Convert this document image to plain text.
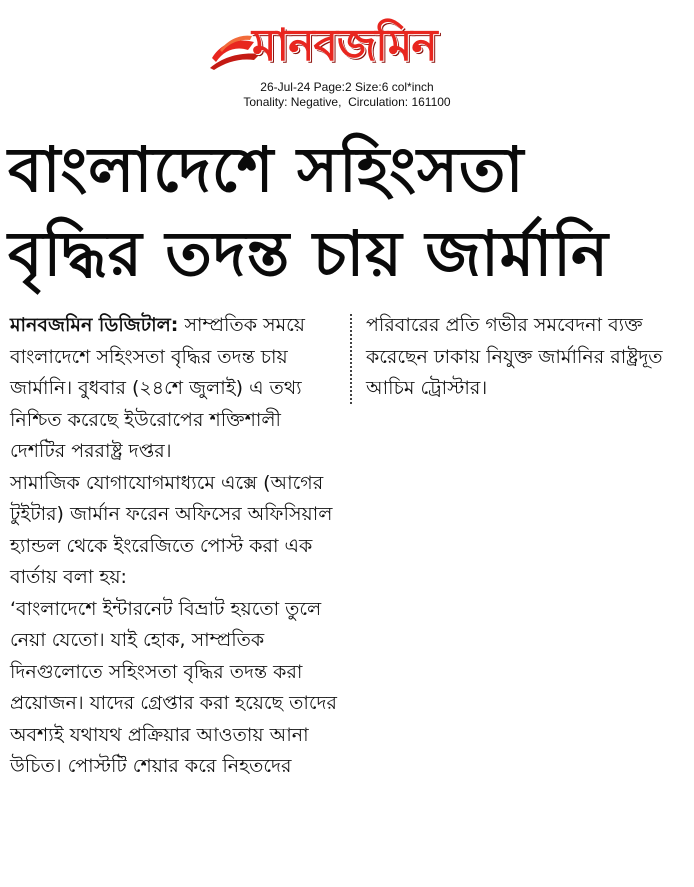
মানবজমিন
26-Jul-24 Page:2 Size:6 col*inch
Tonality: Negative,  Circulation: 161100
বাংলাদেশে সহিংসতা
বৃদ্ধির তদন্ত চায় জার্মানি

মানবজমিন ডিজিটাল: সাম্প্রতিক সময়ে বাংলাদেশে সহিংসতা বৃদ্ধির তদন্ত চায় জার্মানি। বুধবার (২৪শে জুলাই) এ তথ্য নিশ্চিত করেছে ইউরোপের শক্তিশালী দেশটির পররাষ্ট্র দপ্তর।

সামাজিক যোগাযোগমাধ্যমে এক্সে (আগের টুইটার) জার্মান ফরেন অফিসের অফিসিয়াল হ্যান্ডল থেকে ইংরেজিতে পোস্ট করা এক বার্তায় বলা হয়:

‘বাংলাদেশে ইন্টারনেট বিভ্রাট হয়তো তুলে নেয়া যেতো। যাই হোক, সাম্প্রতিক দিনগুলোতে সহিংসতা বৃদ্ধির তদন্ত করা প্রয়োজন। যাদের গ্রেপ্তার করা হয়েছে তাদের অবশ্যই যথাযথ প্রক্রিয়ার আওতায় আনা উচিত। পোস্টটি শেয়ার করে নিহতদের

পরিবারের প্রতি গভীর সমবেদনা ব্যক্ত করেছেন ঢাকায় নিযুক্ত জার্মানির রাষ্ট্রদূত আচিম ট্রোস্টার।
